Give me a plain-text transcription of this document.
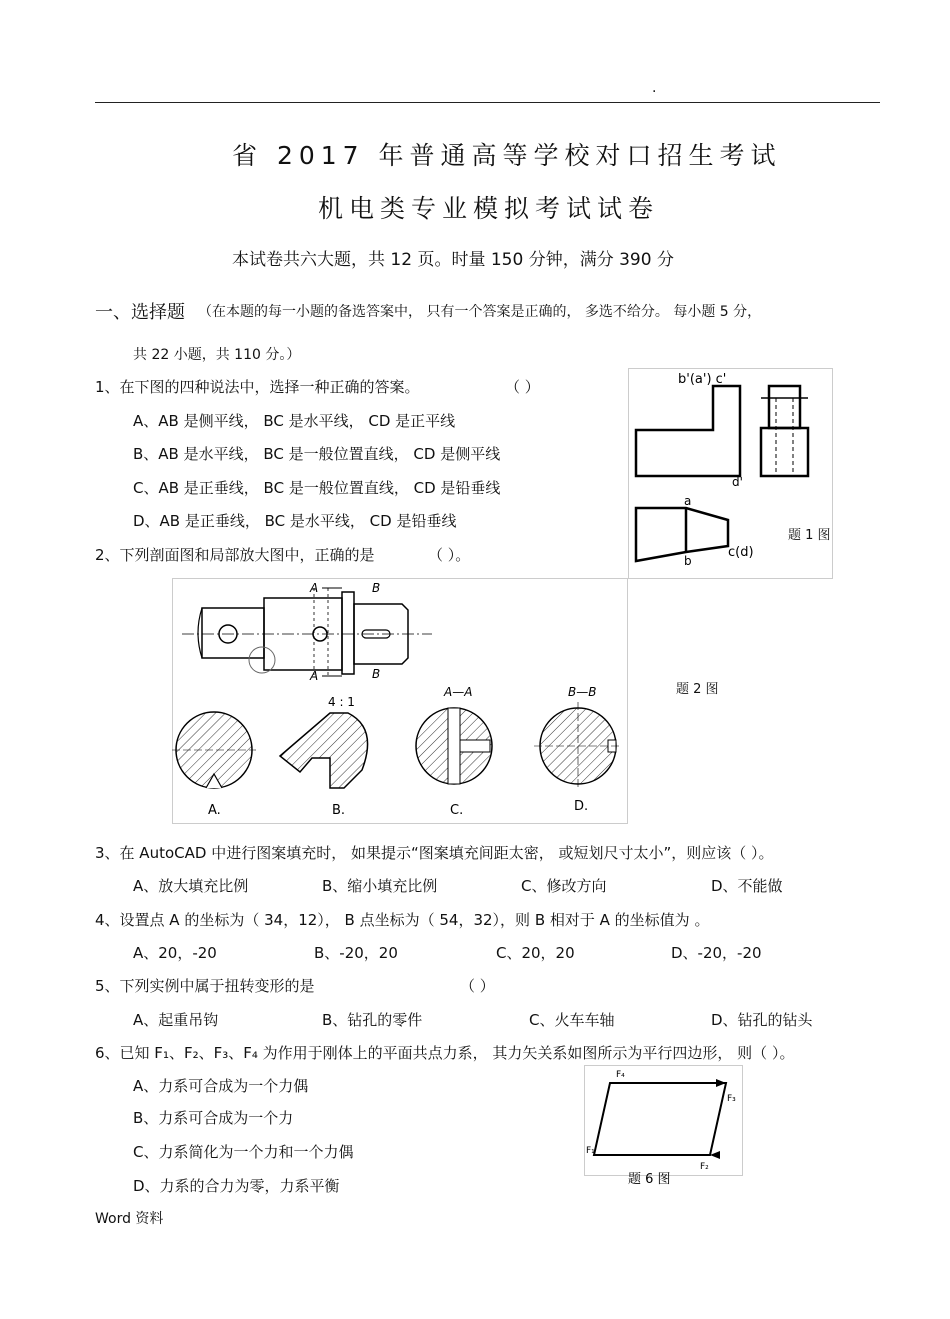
.
省 2017 年普通高等学校对口招生考试
机电类专业模拟考试试卷
本试卷共六大题，共 12 页。时量 150 分钟，满分 390 分
一、选择题 （在本题的每一小题的备选答案中， 只有一个答案是正确的， 多选不给分。 每小题 5 分，
共 22 小题，共 110 分。）
1、在下图的四种说法中，选择一种正确的答案。	（ ）
A、AB 是侧平线， BC 是水平线， CD 是正平线
B、AB 是水平线， BC 是一般位置直线， CD 是侧平线
C、AB 是正垂线， BC 是一般位置直线， CD 是铅垂线
D、AB 是正垂线， BC 是水平线， CD 是铅垂线
b'(a') c'
d'
a
b
c(d)
题 1 图
2、下列剖面图和局部放大图中，正确的是	（ ）。
A	B
A	B
A.
4 : 1
B.
A—A
C.
B—B
D.
题 2 图
3、在 AutoCAD 中进行图案填充时， 如果提示“图案填充间距太密， 或短划尺寸太小”，则应该（ ）。
A、放大填充比例	B、缩小填充比例	C、修改方向	D、不能做
4、设置点 A 的坐标为（ 34，12）， B 点坐标为（ 54，32），则 B 相对于 A 的坐标值为 。
A、20，-20	B、-20，20	C、20，20	D、-20，-20
5、下列实例中属于扭转变形的是	（ ）
A、起重吊钩	B、钻孔的零件	C、火车车轴	D、钻孔的钻头
6、已知 F₁、F₂、F₃、F₄ 为作用于刚体上的平面共点力系， 其力矢关系如图所示为平行四边形， 则（ ）。
A、力系可合成为一个力偶
B、力系可合成为一个力
C、力系简化为一个力和一个力偶
D、力系的合力为零，力系平衡
F₄
F₃
F₁
F₂
题 6 图
Word 资料
